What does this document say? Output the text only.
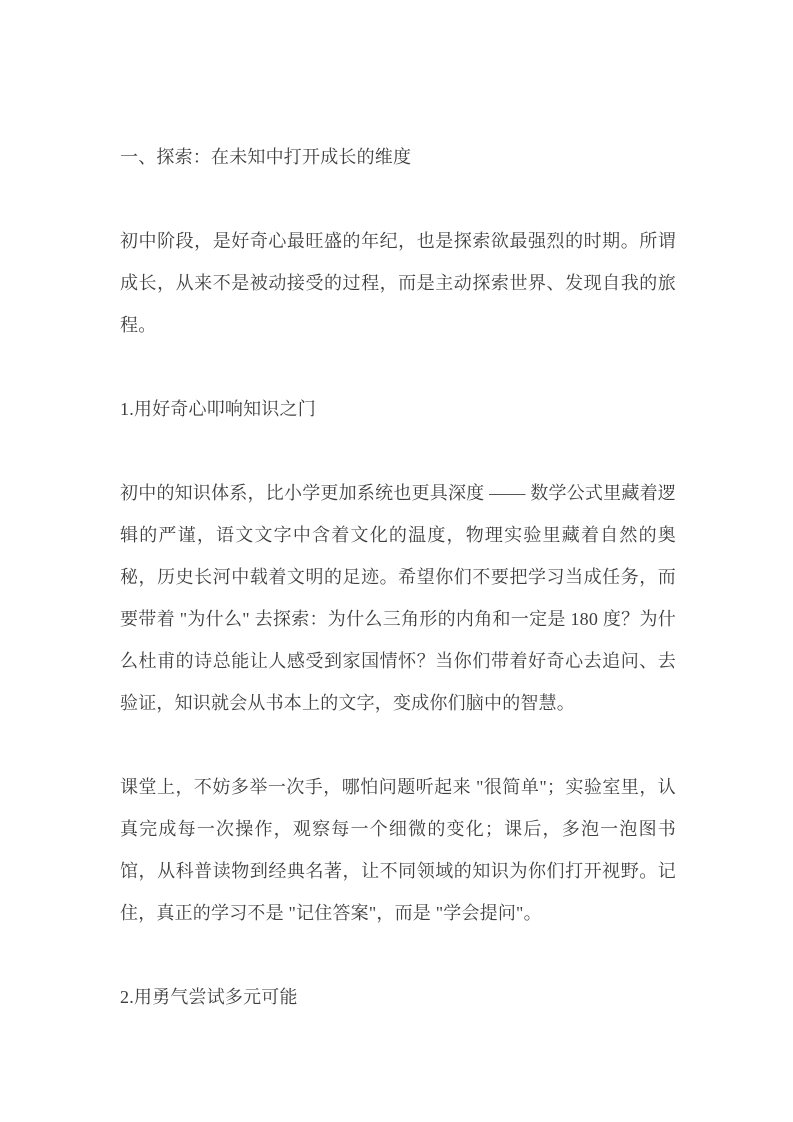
一、探索：在未知中打开成长的维度

初中阶段，是好奇心最旺盛的年纪，也是探索欲最强烈的时期。所谓成长，从来不是被动接受的过程，而是主动探索世界、发现自我的旅程。

1.用好奇心叩响知识之门

初中的知识体系，比小学更加系统也更具深度 —— 数学公式里藏着逻辑的严谨，语文文字中含着文化的温度，物理实验里藏着自然的奥秘，历史长河中载着文明的足迹。希望你们不要把学习当成任务，而要带着 "为什么" 去探索：为什么三角形的内角和一定是 180 度？为什么杜甫的诗总能让人感受到家国情怀？当你们带着好奇心去追问、去验证，知识就会从书本上的文字，变成你们脑中的智慧。

课堂上，不妨多举一次手，哪怕问题听起来 "很简单"；实验室里，认真完成每一次操作，观察每一个细微的变化；课后，多泡一泡图书馆，从科普读物到经典名著，让不同领域的知识为你们打开视野。记住，真正的学习不是 "记住答案"，而是 "学会提问"。

2.用勇气尝试多元可能
